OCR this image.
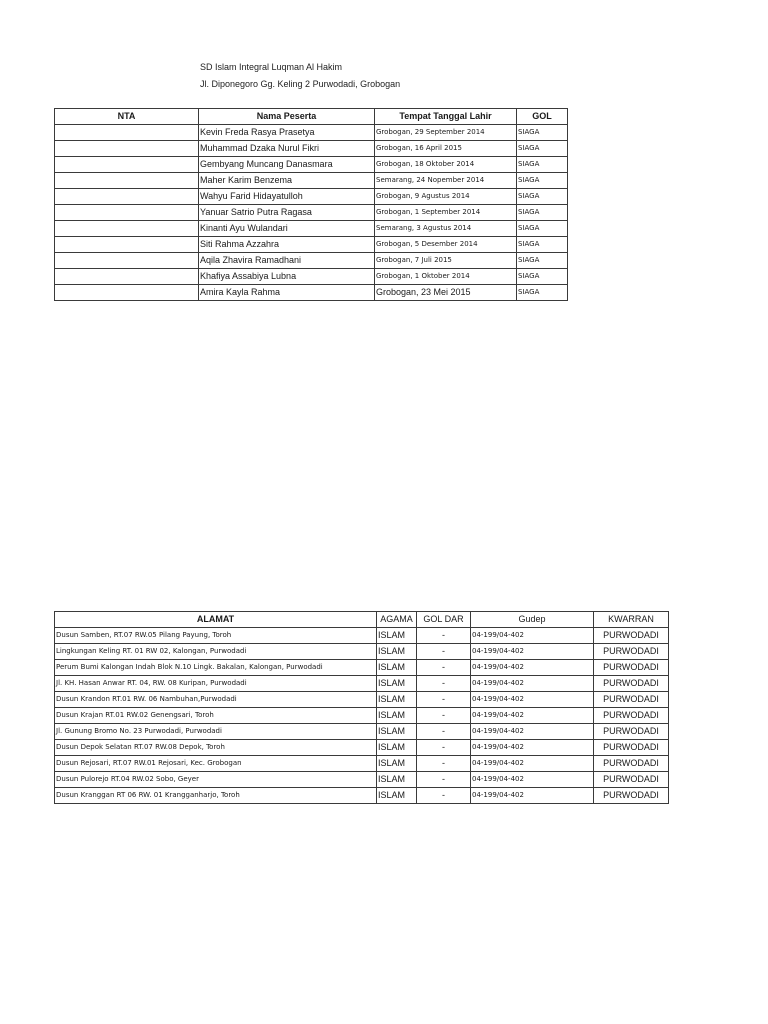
SD Islam Integral Luqman Al Hakim
Jl. Diponegoro Gg. Keling 2 Purwodadi, Grobogan
NTA	Nama Peserta	Tempat Tanggal Lahir	GOL
	Kevin Freda Rasya Prasetya	Grobogan, 29 September 2014	SIAGA
	Muhammad Dzaka Nurul Fikri	Grobogan, 16 April 2015	SIAGA
	Gembyang Muncang Danasmara	Grobogan, 18 Oktober 2014	SIAGA
	Maher Karim Benzema	Semarang, 24 Nopember 2014	SIAGA
	Wahyu Farid Hidayatulloh	Grobogan, 9 Agustus 2014	SIAGA
	Yanuar Satrio Putra Ragasa	Grobogan, 1 September 2014	SIAGA
	Kinanti Ayu Wulandari	Semarang, 3 Agustus 2014	SIAGA
	Siti Rahma Azzahra	Grobogan, 5 Desember 2014	SIAGA
	Aqila Zhavira Ramadhani	Grobogan, 7 Juli 2015	SIAGA
	Khafiya Assabiya Lubna	Grobogan, 1 Oktober 2014	SIAGA
	Amira Kayla Rahma	Grobogan, 23 Mei 2015	SIAGA
ALAMAT	AGAMA	GOL DAR	Gudep	KWARRAN
Dusun Samben, RT.07 RW.05 Pilang Payung, Toroh	ISLAM	-	04-199/04-402	PURWODADI
Lingkungan Keling RT. 01 RW 02, Kalongan, Purwodadi	ISLAM	-	04-199/04-402	PURWODADI
Perum Bumi Kalongan Indah Blok N.10 Lingk. Bakalan, Kalongan, Purwodadi	ISLAM	-	04-199/04-402	PURWODADI
Jl. KH. Hasan Anwar RT. 04, RW. 08 Kuripan, Purwodadi	ISLAM	-	04-199/04-402	PURWODADI
Dusun Krandon RT.01 RW. 06 Nambuhan,Purwodadi	ISLAM	-	04-199/04-402	PURWODADI
Dusun Krajan RT.01 RW.02 Genengsari, Toroh	ISLAM	-	04-199/04-402	PURWODADI
Jl. Gunung Bromo No. 23 Purwodadi, Purwodadi	ISLAM	-	04-199/04-402	PURWODADI
Dusun Depok Selatan RT.07 RW.08 Depok, Toroh	ISLAM	-	04-199/04-402	PURWODADI
Dusun Rejosari, RT.07 RW.01 Rejosari, Kec. Grobogan	ISLAM	-	04-199/04-402	PURWODADI
Dusun Pulorejo RT.04 RW.02 Sobo, Geyer	ISLAM	-	04-199/04-402	PURWODADI
Dusun Kranggan RT 06 RW. 01 Krangganharjo, Toroh	ISLAM	-	04-199/04-402	PURWODADI
